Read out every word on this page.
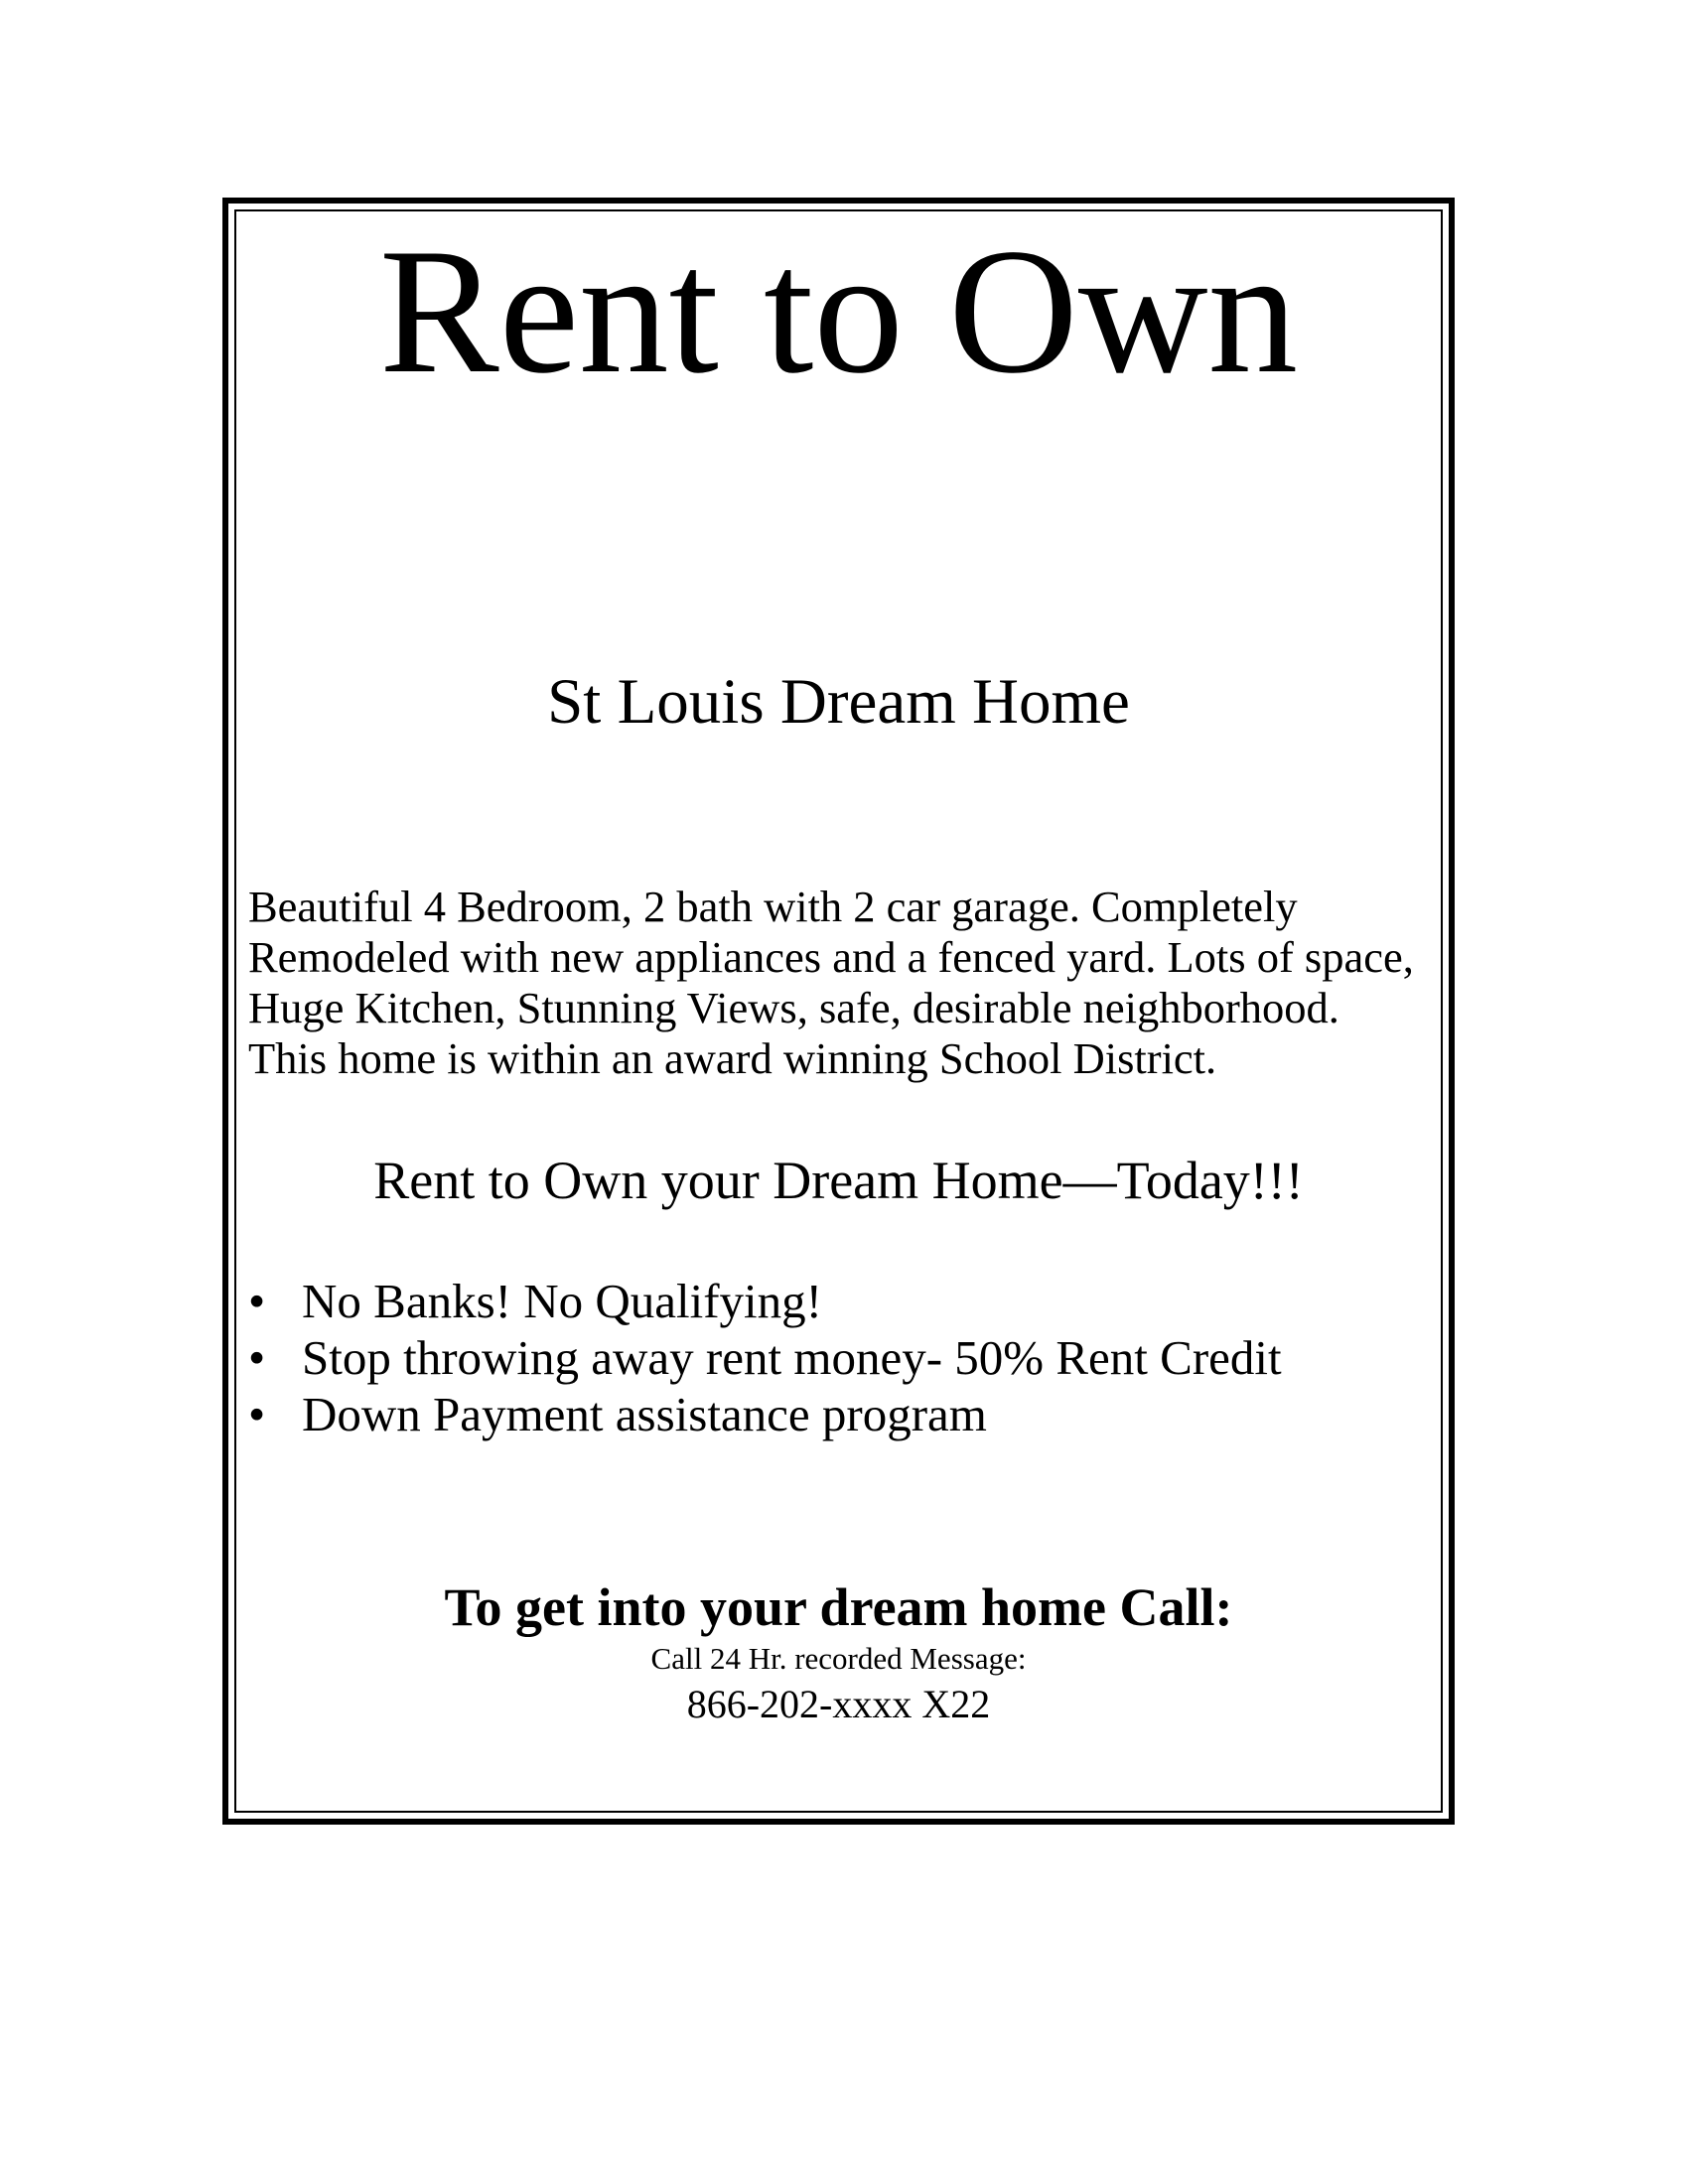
Rent to Own
St Louis Dream Home

Beautiful 4 Bedroom, 2 bath with 2 car garage. Completely
Remodeled with new appliances and a fenced yard. Lots of space,
Huge Kitchen, Stunning Views, safe, desirable neighborhood.
This home is within an award winning School District.

Rent to Own your Dream Home—Today!!!

• No Banks! No Qualifying!
• Stop throwing away rent money- 50% Rent Credit
• Down Payment assistance program

To get into your dream home Call:

Call 24 Hr. recorded Message:

866-202-xxxx X22
